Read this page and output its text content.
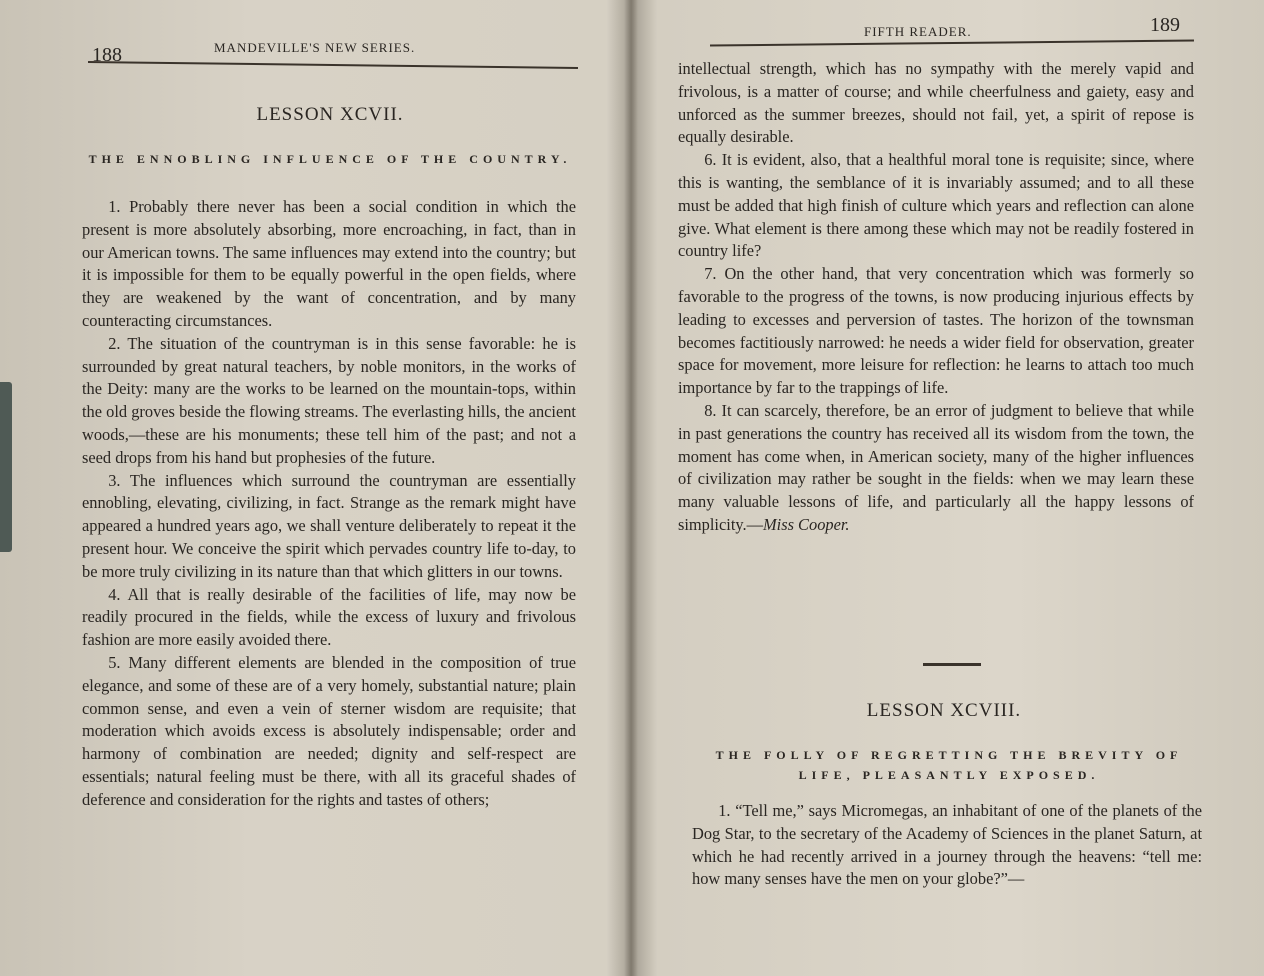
188	MANDEVILLE'S NEW SERIES.
LESSON XCVII.
THE ENNOBLING INFLUENCE OF THE COUNTRY.

1. Probably there never has been a social condition in which the present is more absolutely absorbing, more encroaching, in fact, than in our American towns. The same influences may extend into the country; but it is impossible for them to be equally powerful in the open fields, where they are weakened by the want of concentration, and by many counteracting circumstances.

2. The situation of the countryman is in this sense favorable: he is surrounded by great natural teachers, by noble monitors, in the works of the Deity: many are the works to be learned on the mountain-tops, within the old groves beside the flowing streams. The everlasting hills, the ancient woods,—these are his monuments; these tell him of the past; and not a seed drops from his hand but prophesies of the future.

3. The influences which surround the countryman are essentially ennobling, elevating, civilizing, in fact. Strange as the remark might have appeared a hundred years ago, we shall venture deliberately to repeat it the present hour. We conceive the spirit which pervades country life to-day, to be more truly civilizing in its nature than that which glitters in our towns.

4. All that is really desirable of the facilities of life, may now be readily procured in the fields, while the excess of luxury and frivolous fashion are more easily avoided there.

5. Many different elements are blended in the composition of true elegance, and some of these are of a very homely, substantial nature; plain common sense, and even a vein of sterner wisdom are requisite; that moderation which avoids excess is absolutely indispensable; order and harmony of combination are needed; dignity and self-respect are essentials; natural feeling must be there, with all its graceful shades of deference and consideration for the rights and tastes of others;

FIFTH READER.	189

intellectual strength, which has no sympathy with the merely vapid and frivolous, is a matter of course; and while cheerfulness and gaiety, easy and unforced as the summer breezes, should not fail, yet, a spirit of repose is equally desirable.

6. It is evident, also, that a healthful moral tone is requisite; since, where this is wanting, the semblance of it is invariably assumed; and to all these must be added that high finish of culture which years and reflection can alone give. What element is there among these which may not be readily fostered in country life?

7. On the other hand, that very concentration which was formerly so favorable to the progress of the towns, is now producing injurious effects by leading to excesses and perversion of tastes. The horizon of the townsman becomes factitiously narrowed: he needs a wider field for observation, greater space for movement, more leisure for reflection: he learns to attach too much importance by far to the trappings of life.

8. It can scarcely, therefore, be an error of judgment to believe that while in past generations the country has received all its wisdom from the town, the moment has come when, in American society, many of the higher influences of civilization may rather be sought in the fields: when we may learn these many valuable lessons of life, and particularly all the happy lessons of simplicity.—Miss Cooper.

LESSON XCVIII.
THE FOLLY OF REGRETTING THE BREVITY OF
LIFE, PLEASANTLY EXPOSED.

1. “Tell me,” says Micromegas, an inhabitant of one of the planets of the Dog Star, to the secretary of the Academy of Sciences in the planet Saturn, at which he had recently arrived in a journey through the heavens: “tell me: how many senses have the men on your globe?”—
